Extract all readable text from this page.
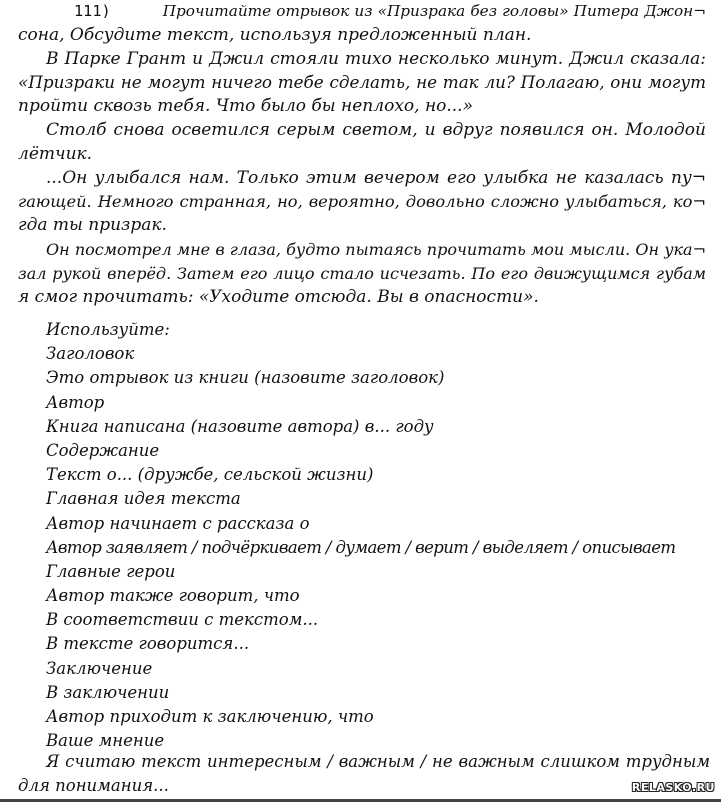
111)	Прочитайте отрывок из «Призрака без головы» Питера Джон¬
сона, Обсудите текст, используя предложенный план.
В Парке Грант и Джил стояли тихо несколько минут. Джил сказала:
«Призраки не могут ничего тебе сделать, не так ли? Полагаю, они могут
пройти сквозь тебя. Что было бы неплохо, но...»
Столб снова осветился серым светом, и вдруг появился он. Молодой
лётчик.
...Он улыбался нам. Только этим вечером его улыбка не казалась пу¬
гающей. Немного странная, но, вероятно, довольно сложно улыбаться, ко¬
гда ты призрак.
Он посмотрел мне в глаза, будто пытаясь прочитать мои мысли. Он ука¬
зал рукой вперёд. Затем его лицо стало исчезать. По его движущимся губам
я смог прочитать: «Уходите отсюда. Вы в опасности».
Используйте:
Заголовок
Это отрывок из книги (назовите заголовок)
Автор
Книга написана (назовите автора) в... году
Содержание
Текст о... (дружбе, сельской жизни)
Главная идея текста
Автор начинает с рассказа о
Автор заявляет / подчёркивает / думает / верит / выделяет / описывает
Главные герои
Автор также говорит, что
В соответствии с текстом...
В тексте говорится...
Заключение
В заключении
Автор приходит к заключению, что
Ваше мнение
Я считаю текст интересным / важным / не важным слишком трудным
для понимания...	RELASKO.RU
